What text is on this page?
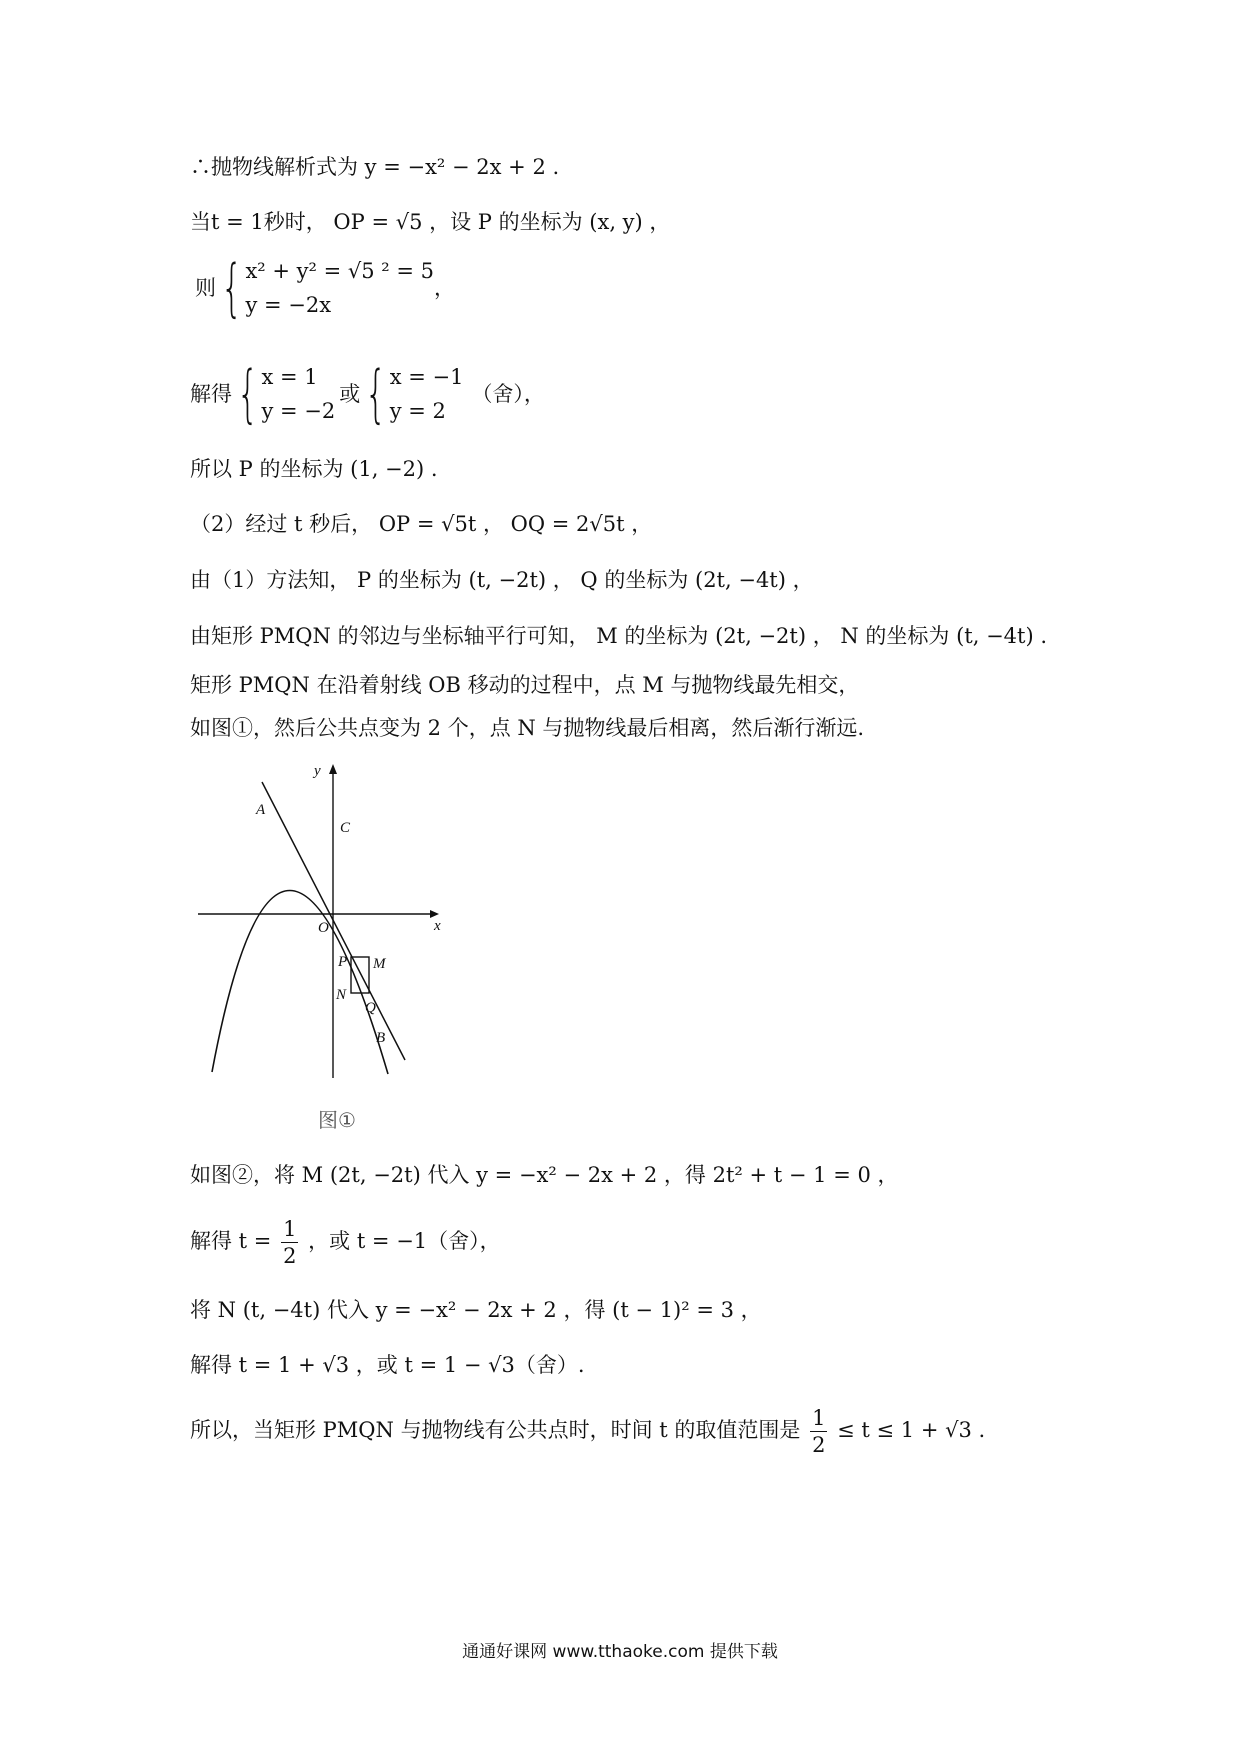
∴抛物线解析式为 y = −x² − 2x + 2 .
当t = 1秒时， OP = √5 ，设 P 的坐标为 (x, y) ，
则 { x² + y² = √5 ² = 5
y = −2x
，
解得 { x = 1
y = −2
或 { x = −1
y = 2
（舍），
所以 P 的坐标为 (1, −2) .
（2）经过 t 秒后， OP = √5t ， OQ = 2√5t ，
由（1）方法知， P 的坐标为 (t, −2t) ， Q 的坐标为 (2t, −4t) ，
由矩形 PMQN 的邻边与坐标轴平行可知， M 的坐标为 (2t, −2t) ， N 的坐标为 (t, −4t) .
矩形 PMQN 在沿着射线 OB 移动的过程中，点 M 与抛物线最先相交，
如图①，然后公共点变为 2 个，点 N 与抛物线最后相离，然后渐行渐远.
y
x
A
C
O
P M
N
Q
B
图①
如图②，将 M (2t, −2t) 代入 y = −x² − 2x + 2 ，得 2t² + t − 1 = 0 ，
解得 $t = \frac{1}{2}$ ，或 t = −1（舍），
将 N (t, −4t) 代入 y = −x² − 2x + 2 ，得 (t − 1)² = 3 ，
解得 t = 1 + √3 ，或 t = 1 − √3（舍）.
所以，当矩形 PMQN 与抛物线有公共点时，时间 t 的取值范围是 $\frac{1}{2} \le t \le 1 + √3$ .
通通好课网 www.tthaoke.com 提供下载
